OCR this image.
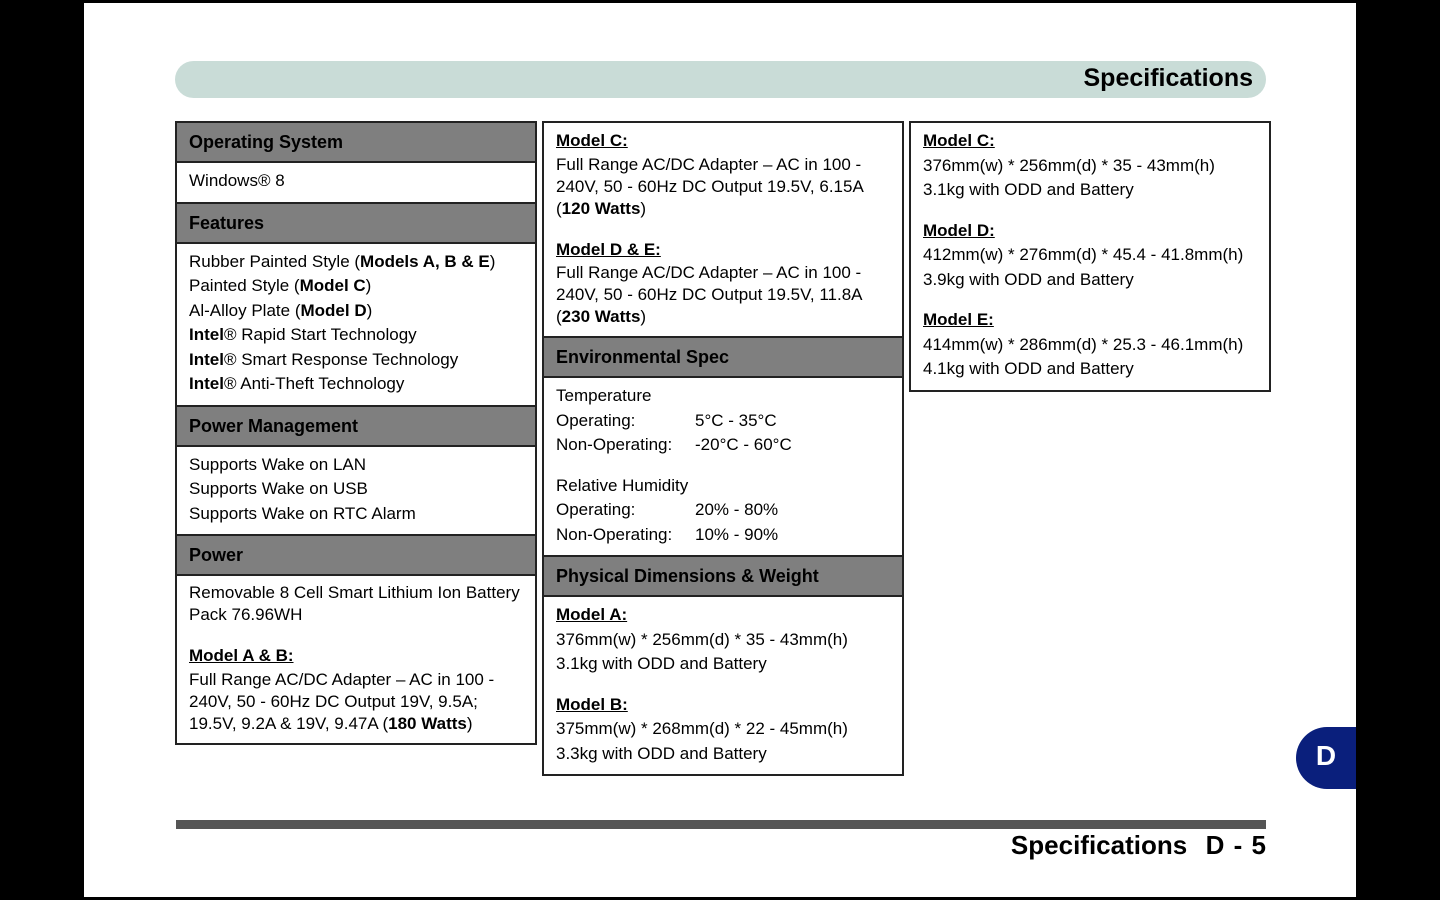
Specifications
Operating System
Windows® 8
Features
Rubber Painted Style (Models A, B & E)
Painted Style (Model C)
Al-Alloy Plate (Model D)
Intel® Rapid Start Technology
Intel® Smart Response Technology
Intel® Anti-Theft Technology
Power Management
Supports Wake on LAN
Supports Wake on USB
Supports Wake on RTC Alarm
Power
Removable 8 Cell Smart Lithium Ion Battery Pack 76.96WH
Model A & B:
Full Range AC/DC Adapter – AC in 100 - 240V, 50 - 60Hz DC Output 19V, 9.5A; 19.5V, 9.2A & 19V, 9.47A (180 Watts)
Model C:
Full Range AC/DC Adapter – AC in 100 - 240V, 50 - 60Hz DC Output 19.5V, 6.15A (120 Watts)
Model D & E:
Full Range AC/DC Adapter – AC in 100 - 240V, 50 - 60Hz DC Output 19.5V, 11.8A (230 Watts)
Environmental Spec
Temperature
Operating:	5°C - 35°C
Non-Operating: -20°C - 60°C
Relative Humidity
Operating:	20% - 80%
Non-Operating: 10% - 90%
Physical Dimensions & Weight
Model A:
376mm(w) * 256mm(d) * 35 - 43mm(h)
3.1kg with ODD and Battery
Model B:
375mm(w) * 268mm(d) * 22 - 45mm(h)
3.3kg with ODD and Battery
Model C:
376mm(w) * 256mm(d) * 35 - 43mm(h)
3.1kg with ODD and Battery
Model D:
412mm(w) * 276mm(d) * 45.4 - 41.8mm(h)
3.9kg with ODD and Battery
Model E:
414mm(w) * 286mm(d) * 25.3 - 46.1mm(h)
4.1kg with ODD and Battery
Specifications  D - 5
D
